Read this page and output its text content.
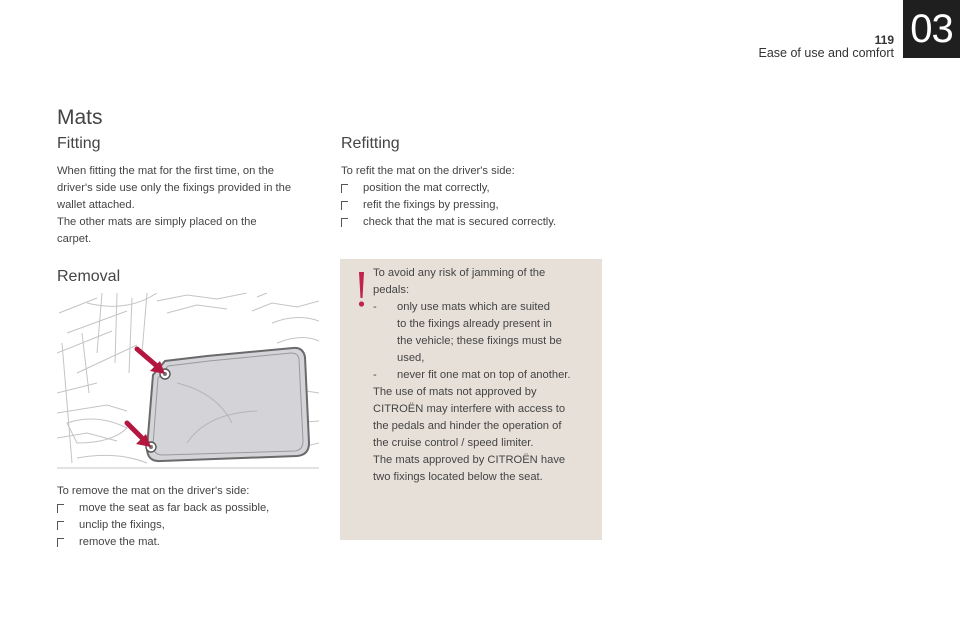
119
Ease of use and comfort
03
Mats
Fitting

When fitting the mat for the first time, on the

driver's side use only the fixings provided in the

wallet attached.

The other mats are simply placed on the

carpet.

Refitting

To refit the mat on the driver's side:

position the mat correctly,
refit the fixings by pressing,
check that the mat is secured correctly.
Removal

To remove the mat on the driver's side:

move the seat as far back as possible,
unclip the fixings,
remove the mat.

To avoid any risk of jamming of the

pedals:

- only use mats which are suited

to the fixings already present in

the vehicle; these fixings must be

used,

- never fit one mat on top of another.

The use of mats not approved by

CITROËN may interfere with access to

the pedals and hinder the operation of

the cruise control / speed limiter.

The mats approved by CITROËN have

two fixings located below the seat.
